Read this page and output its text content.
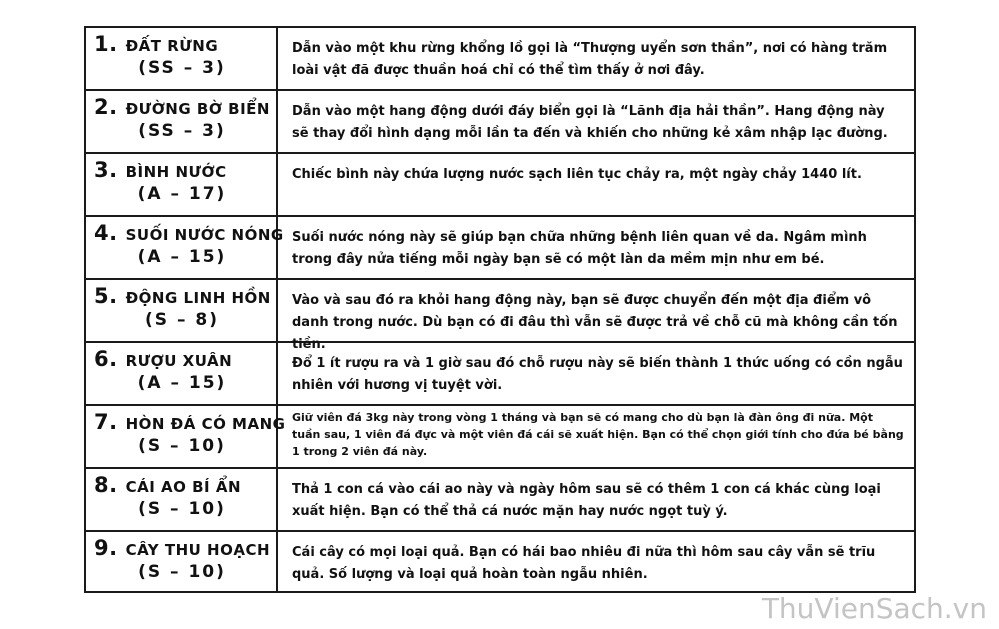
1. ĐẤT RỪNG
(SS – 3)
Dẫn vào một khu rừng khổng lồ gọi là “Thượng uyển sơn thần”, nơi có hàng trăm loài vật đã được thuần hoá chỉ có thể tìm thấy ở nơi đây.
2. ĐƯỜNG BỜ BIỂN
(SS – 3)
Dẫn vào một hang động dưới đáy biển gọi là “Lãnh địa hải thần”. Hang động này sẽ thay đổi hình dạng mỗi lần ta đến và khiến cho những kẻ xâm nhập lạc đường.
3. BÌNH NƯỚC
(A – 17)
Chiếc bình này chứa lượng nước sạch liên tục chảy ra, một ngày chảy 1440 lít.
4. SUỐI NƯỚC NÓNG
(A – 15)
Suối nước nóng này sẽ giúp bạn chữa những bệnh liên quan về da. Ngâm mình trong đây nửa tiếng mỗi ngày bạn sẽ có một làn da mềm mịn như em bé.
5. ĐỘNG LINH HỒN
(S – 8)
Vào và sau đó ra khỏi hang động này, bạn sẽ được chuyển đến một địa điểm vô danh trong nước. Dù bạn có đi đâu thì vẫn sẽ được trả về chỗ cũ mà không cần tốn tiền.
6. RƯỢU XUÂN
(A – 15)
Đổ 1 ít rượu ra và 1 giờ sau đó chỗ rượu này sẽ biến thành 1 thức uống có cồn ngẫu nhiên với hương vị tuyệt vời.
7. HÒN ĐÁ CÓ MANG
(S – 10)
Giữ viên đá 3kg này trong vòng 1 tháng và bạn sẽ có mang cho dù bạn là đàn ông đi nữa. Một tuần sau, 1 viên đá đực và một viên đá cái sẽ xuất hiện. Bạn có thể chọn giới tính cho đứa bé bằng 1 trong 2 viên đá này.
8. CÁI AO BÍ ẨN
(S – 10)
Thả 1 con cá vào cái ao này và ngày hôm sau sẽ có thêm 1 con cá khác cùng loại xuất hiện. Bạn có thể thả cá nước mặn hay nước ngọt tuỳ ý.
9. CÂY THU HOẠCH
(S – 10)
Cái cây có mọi loại quả. Bạn có hái bao nhiêu đi nữa thì hôm sau cây vẫn sẽ trĩu quả. Số lượng và loại quả hoàn toàn ngẫu nhiên.
ThuVienSach.vn
